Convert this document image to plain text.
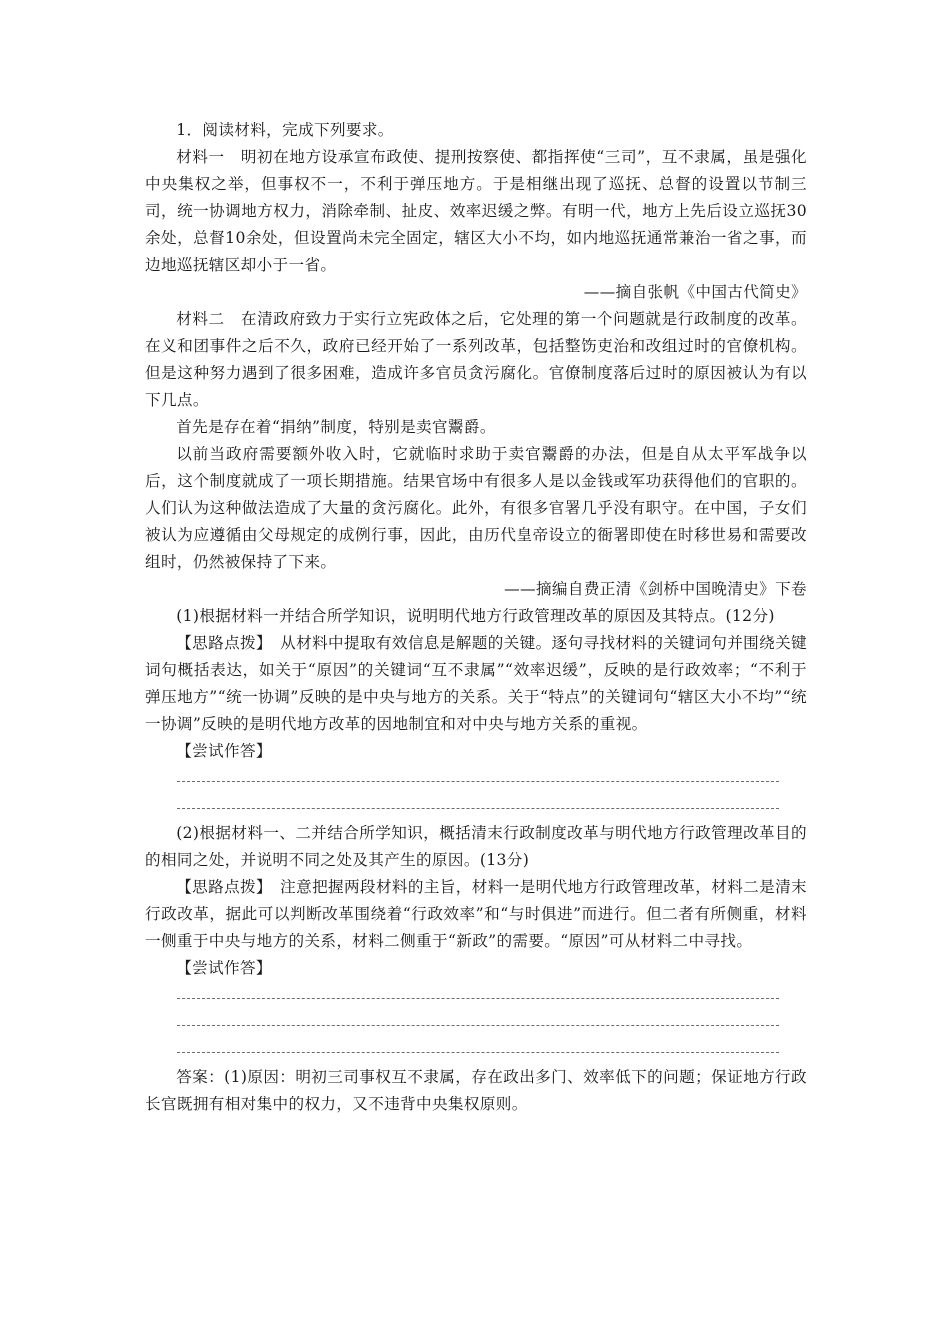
1．阅读材料，完成下列要求。

材料一　明初在地方设承宣布政使、提刑按察使、都指挥使“三司”，互不隶属，虽是强化中央集权之举，但事权不一，不利于弹压地方。于是相继出现了巡抚、总督的设置以节制三司，统一协调地方权力，消除牵制、扯皮、效率迟缓之弊。有明一代，地方上先后设立巡抚30余处，总督10余处，但设置尚未完全固定，辖区大小不均，如内地巡抚通常兼治一省之事，而边地巡抚辖区却小于一省。

——摘自张帆《中国古代简史》

材料二　在清政府致力于实行立宪政体之后，它处理的第一个问题就是行政制度的改革。在义和团事件之后不久，政府已经开始了一系列改革，包括整饬吏治和改组过时的官僚机构。但是这种努力遇到了很多困难，造成许多官员贪污腐化。官僚制度落后过时的原因被认为有以下几点。

首先是存在着“捐纳”制度，特别是卖官鬻爵。

以前当政府需要额外收入时，它就临时求助于卖官鬻爵的办法，但是自从太平军战争以后，这个制度就成了一项长期措施。结果官场中有很多人是以金钱或军功获得他们的官职的。人们认为这种做法造成了大量的贪污腐化。此外，有很多官署几乎没有职守。在中国，子女们被认为应遵循由父母规定的成例行事，因此，由历代皇帝设立的衙署即使在时移世易和需要改组时，仍然被保持了下来。

——摘编自费正清《剑桥中国晚清史》下卷

(1)根据材料一并结合所学知识，说明明代地方行政管理改革的原因及其特点。(12分)

【思路点拨】　从材料中提取有效信息是解题的关键。逐句寻找材料的关键词句并围绕关键词句概括表达，如关于“原因”的关键词“互不隶属”“效率迟缓”，反映的是行政效率；“不利于弹压地方”“统一协调”反映的是中央与地方的关系。关于“特点”的关键词句“辖区大小不均”“统一协调”反映的是明代地方改革的因地制宜和对中央与地方关系的重视。

【尝试作答】

(2)根据材料一、二并结合所学知识，概括清末行政制度改革与明代地方行政管理改革目的的相同之处，并说明不同之处及其产生的原因。(13分)

【思路点拨】　注意把握两段材料的主旨，材料一是明代地方行政管理改革，材料二是清末行政改革，据此可以判断改革围绕着“行政效率”和“与时俱进”而进行。但二者有所侧重，材料一侧重于中央与地方的关系，材料二侧重于“新政”的需要。“原因”可从材料二中寻找。

【尝试作答】

答案：(1)原因：明初三司事权互不隶属，存在政出多门、效率低下的问题；保证地方行政长官既拥有相对集中的权力，又不违背中央集权原则。
